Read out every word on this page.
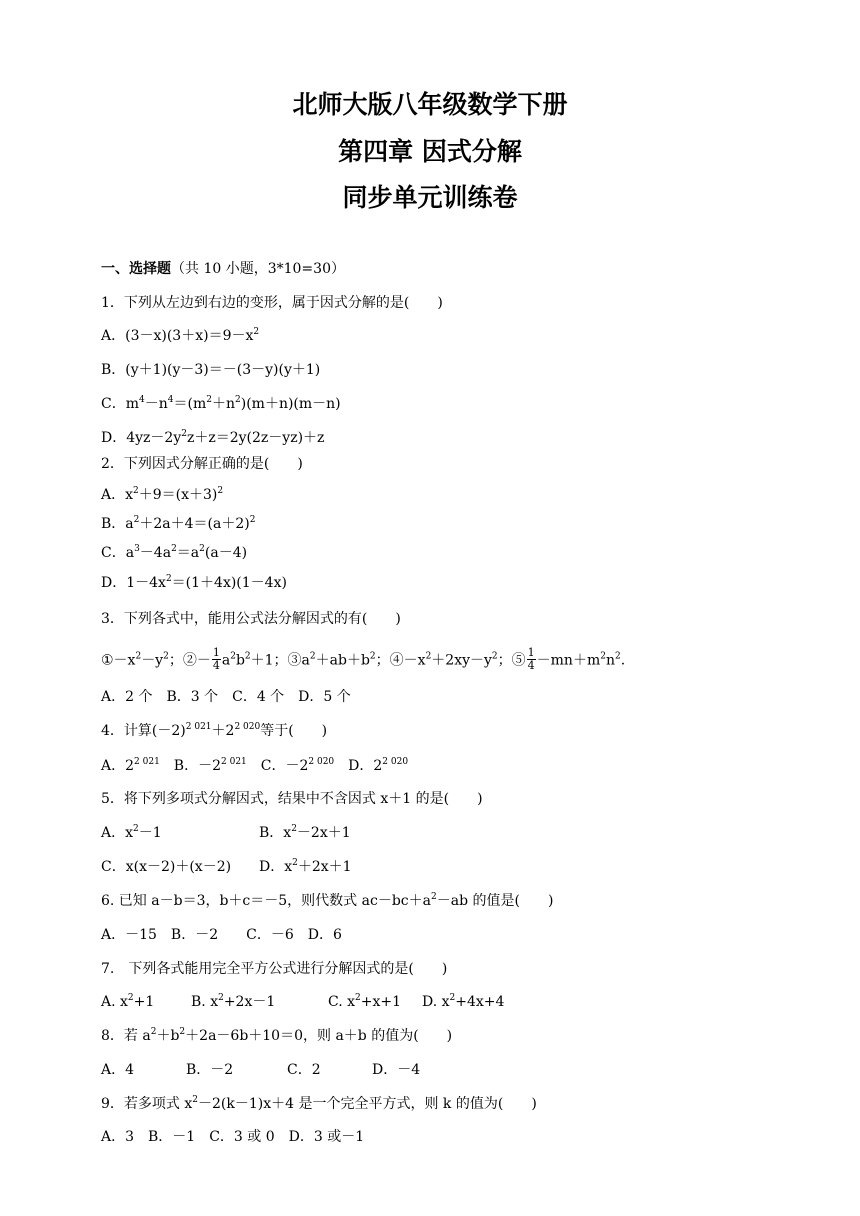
北师大版八年级数学下册
第四章 因式分解
同步单元训练卷
一、选择题（共 10 小题，3*10=30）
1．下列从左边到右边的变形，属于因式分解的是(　　)
A．$(3-x)(3+x)=9-x^2$
B．(y＋1)(y－3)＝－(3－y)(y＋1)
C．$m^4-n^4=(m^2+n^2)(m+n)(m-n)$
D．$4yz-2y^2z+z=2y(2z-yz)+z$
2．下列因式分解正确的是(　　)
A．$x^2+9=(x+3)^2$
B．$a^2+2a+4=(a+2)^2$
C．$a^3-4a^2=a^2(a-4)$
D．$1-4x^2=(1+4x)(1-4x)$
3．下列各式中，能用公式法分解因式的有(　　)
$①-x^2-y^2$；②－ $\frac{1}{4} a^2b^2+1$；$③a^2+ab+b^2$；$④-x^2+2xy-y^2$；⑤ $\frac{1}{4} -mn+m^2n^2$.
A．2 个　B．3 个　C．4 个　D．5 个
4．计算$(-2)^{2 021}+2^{2 020}$等于(　　)
A．$2^{2 021}$　B．$-2^{2 021}$　C．$-2^{2 020}$　D．$2^{2 020}$
5．将下列多项式分解因式，结果中不含因式 x＋1 的是(　　)
A．$x^2-1$	B．$x^2-2x+1$
C．x(x－2)＋(x－2) D．$x^2+2x+1$
6. 已知 a－b＝3，b＋c＝－5，则代数式 $ac-bc+a^2-ab$ 的值是(　　)
A．－15　B．－2　　C．－6　D．6
7.　下列各式能用完全平方公式进行分解因式的是(　　)
A. $x^2+1$	B. $x^2+2x-1$	C. $x^2+x+1$ D. $x^2+4x+4$
8．若 $a^2+b^2+2a-6b+10=0$，则 a＋b 的值为(　　)
A．4	B．－2	C．2	D．－4
9．若多项式 $x^2-2(k-1)x+4$ 是一个完全平方式，则 k 的值为(　　)
A．3　B．－1　C．3 或 0　D．3 或－1
